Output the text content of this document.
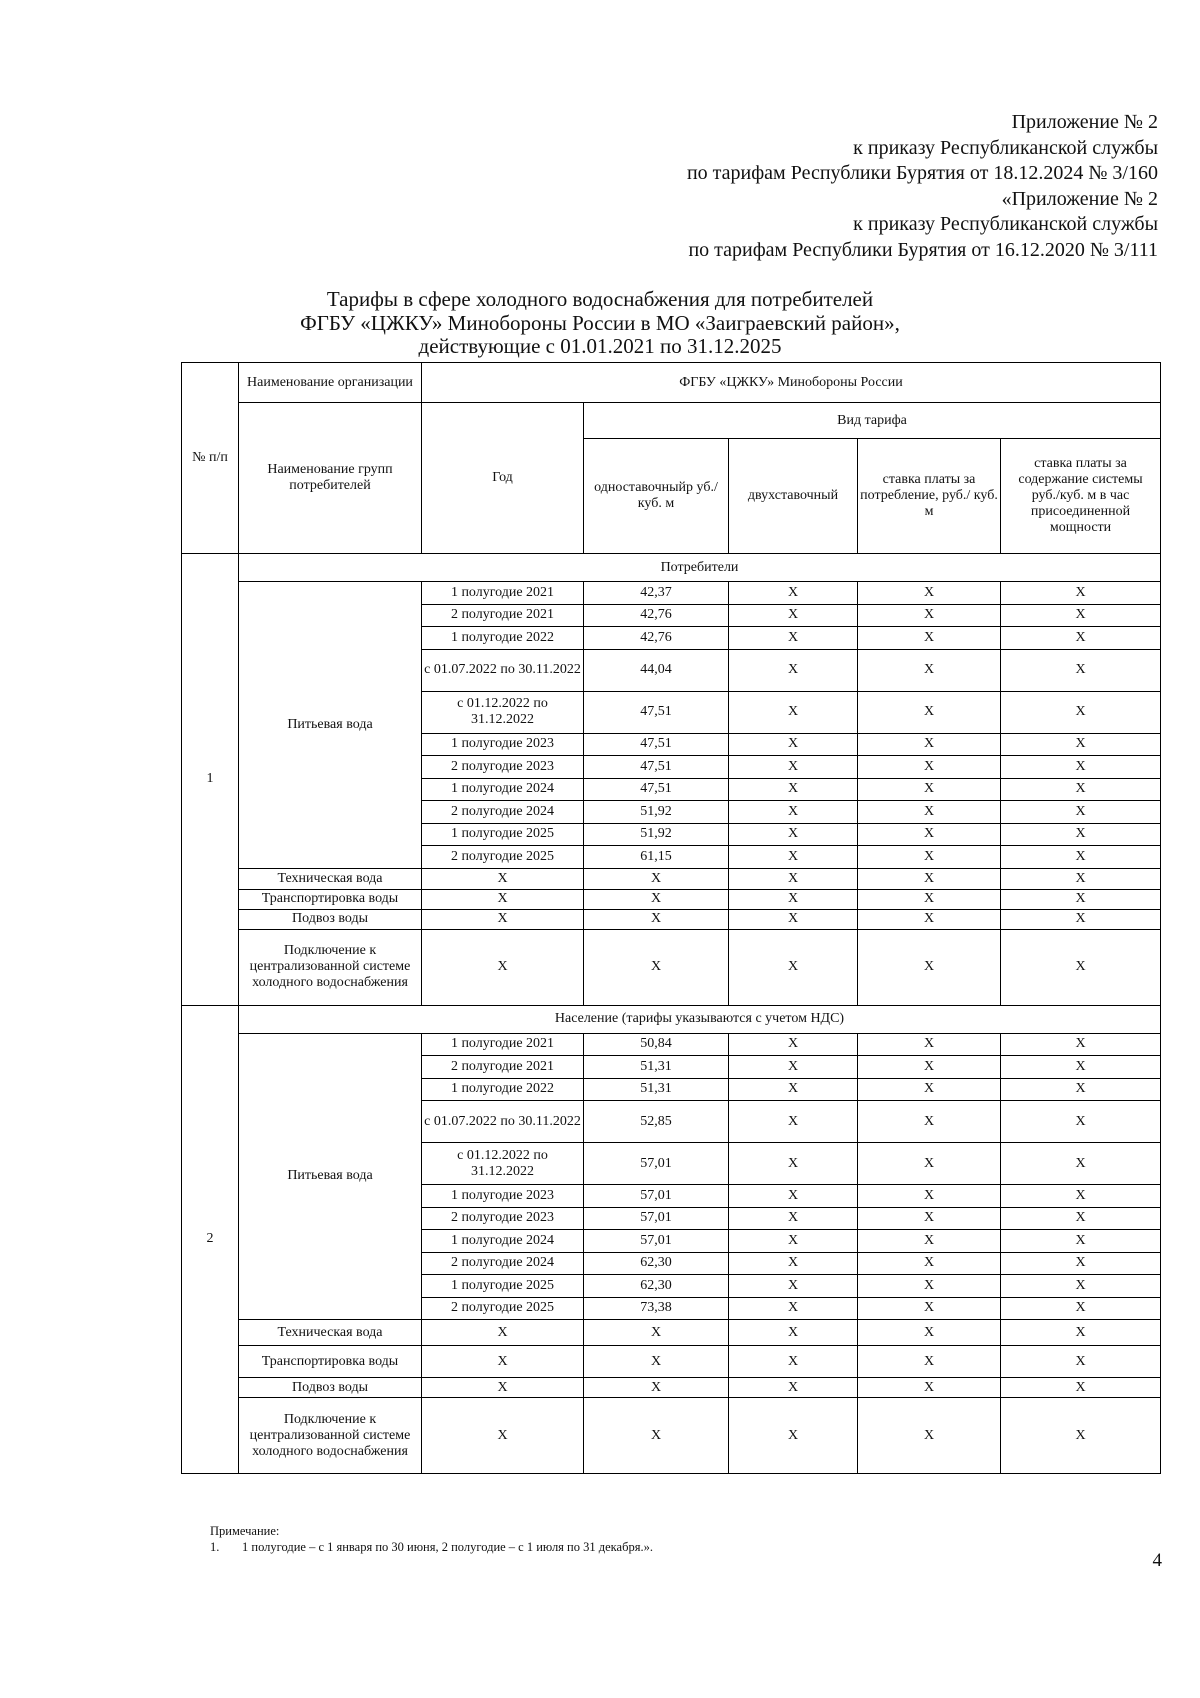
Приложение № 2
к приказу Республиканской службы
по тарифам Республики Бурятия от 18.12.2024 № 3/160
«Приложение № 2
к приказу Республиканской службы
по тарифам Республики Бурятия от 16.12.2020 № 3/111
Тарифы в сфере холодного водоснабжения для потребителей
ФГБУ «ЦЖКУ» Минобороны России в МО «Заиграевский район»,
действующие с 01.01.2021 по 31.12.2025
№ п/п	Наименование организации	ФГБУ «ЦЖКУ» Минобороны России				
	Наименование групп потребителей	Год	Вид тарифа			
			одноставочныйр уб./ куб. м	двухставочный	ставка платы за потребление, руб./ куб. м	ставка платы за содержание системы руб./куб. м в час присоединенной мощности
1	Потребители					
	Питьевая вода	1 полугодие 2021	42,37	X	X	X
		2 полугодие 2021	42,76	X	X	X
		1 полугодие 2022	42,76	X	X	X
		с 01.07.2022 по 30.11.2022	44,04	X	X	X
		с 01.12.2022 по 31.12.2022	47,51	X	X	X
		1 полугодие 2023	47,51	X	X	X
		2 полугодие 2023	47,51	X	X	X
		1 полугодие 2024	47,51	X	X	X
		2 полугодие 2024	51,92	X	X	X
		1 полугодие 2025	51,92	X	X	X
		2 полугодие 2025	61,15	X	X	X
	Техническая вода	X	X	X	X	X
	Транспортировка воды	X	X	X	X	X
	Подвоз воды	X	X	X	X	X
	Подключение к централизованной системе холодного водоснабжения	X	X	X	X	X
2	Население (тарифы указываются с учетом НДС)					
	Питьевая вода	1 полугодие 2021	50,84	X	X	X
		2 полугодие 2021	51,31	X	X	X
		1 полугодие 2022	51,31	X	X	X
		с 01.07.2022 по 30.11.2022	52,85	X	X	X
		с 01.12.2022 по 31.12.2022	57,01	X	X	X
		1 полугодие 2023	57,01	X	X	X
		2 полугодие 2023	57,01	X	X	X
		1 полугодие 2024	57,01	X	X	X
		2 полугодие 2024	62,30	X	X	X
		1 полугодие 2025	62,30	X	X	X
		2 полугодие 2025	73,38	X	X	X
	Техническая вода	X	X	X	X	X
	Транспортировка воды	X	X	X	X	X
	Подвоз воды	X	X	X	X	X
	Подключение к централизованной системе холодного водоснабжения	X	X	X	X	X
Примечание:
1. 1 полугодие – с 1 января по 30 июня, 2 полугодие – с 1 июля по 31 декабря.».
4
